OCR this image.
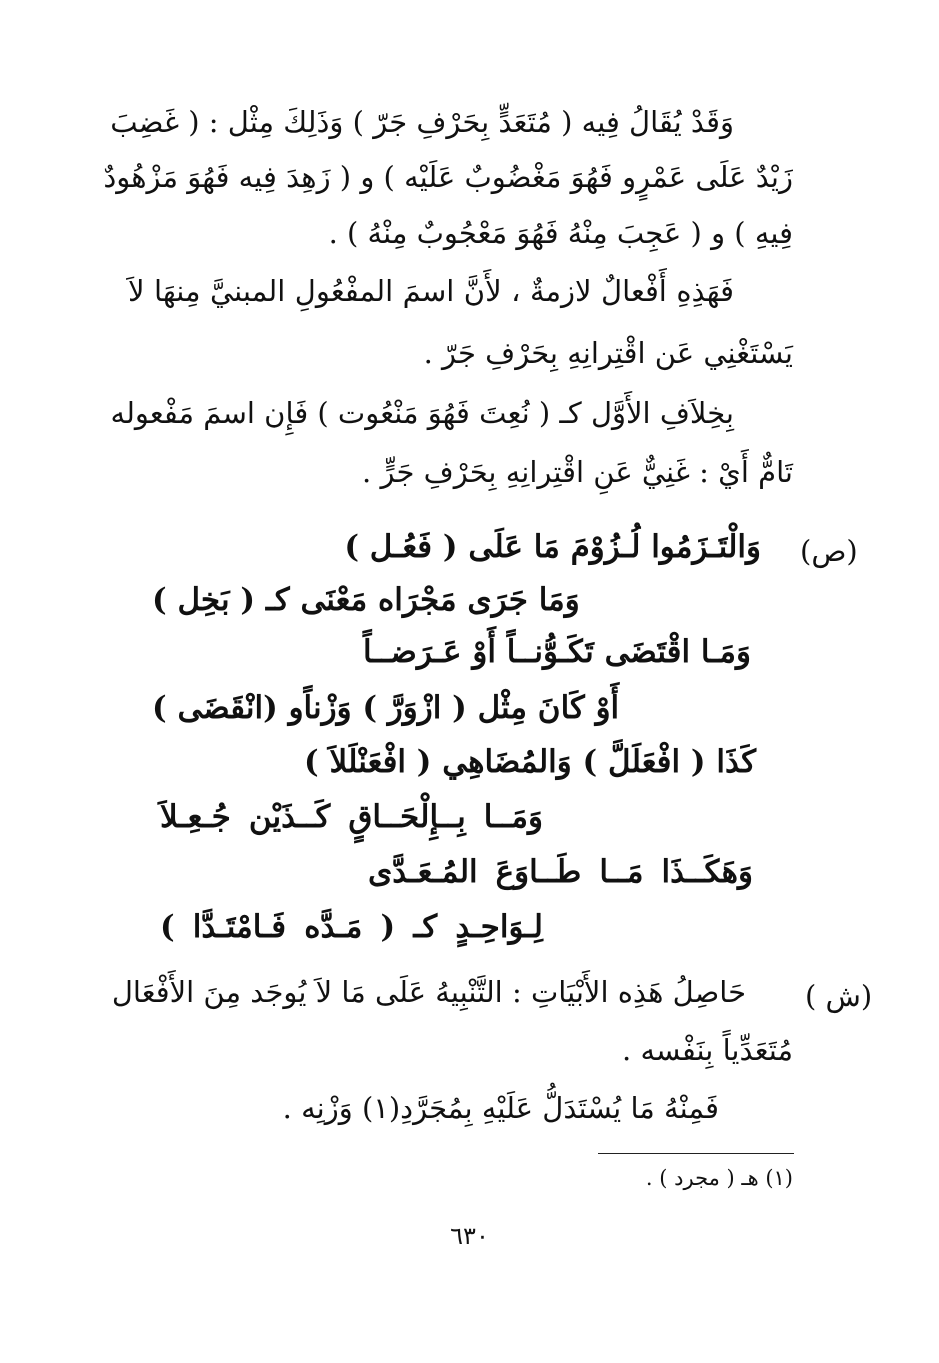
وَقَدْ يُقَالُ فِيه ( مُتَعَدٍّ بِحَرْفِ جَرّ ) وَذَلِكَ مِثْل : ( غَضِبَ
زَيْدٌ عَلَى عَمْرٍو فَهُوَ مَغْضُوبٌ عَلَيْه ) و ( زَهِدَ فِيه فَهُوَ مَزْهُودٌ
فِيهِ ) و ( عَجِبَ مِنْهُ فَهُوَ مَعْجُوبٌ مِنْهُ ) .
فَهَذِهِ أَفْعالٌ لازمةٌ ، لأَنَّ اسمَ المفْعُولِ المبنيَّ مِنهَا لاَ
يَسْتَغْنِي عَن اقْتِرانِهِ بِحَرْفِ جَرّ .
بِخِلاَفِ الأَوَّل كـ ( نُعِتَ فَهُوَ مَنْعُوت ) فَإِن اسمَ مَفْعوله
تَامٌّ أَيْ : غَنِيٌّ عَنِ اقْتِرانِهِ بِحَرْفِ جَرٍّ .
(ص)
وَالْتَـزَمُوا لُـزُوْمَ مَا عَلَى ( فَعُـل )
وَمَا جَرَى مَجْرَاه مَعْنَى كـ ( بَخِل )
وَمَـا اقْتَضَى تَكَـوُّنــاً أَوْ عَـرَضــاً
أَوْ كَانَ مِثْل ( ازْوَرَّ ) وَزْناًو (انْقَضَى )
كَذَا ( افْعَلَلَّ ) وَالمُضَاهِي ( افْعَنْلَلاَ )
وَمَــا بِــإِلْحَــاقٍ كَــذَيْن جُـعِـلاَ
وَهَكَــذَا مَــا طَــاوَعَ المُـعَـدَّى
لِـوَاحِـدٍ كـ ( مَـدَّه فَـامْتَـدَّا )
(ش )
حَاصِلُ هَذِه الأَبْيَاتِ : التَّنْبِيهُ عَلَى مَا لاَ يُوجَد مِنَ الأَفْعَال
مُتَعَدِّياً بِنَفْسه .
فَمِنْهُ مَا يُسْتَدَلُّ عَلَيْهِ بِمُجَرَّدِ(١) وَزْنِه .
(١) هـ ( مجرد ) .
٦٣٠
